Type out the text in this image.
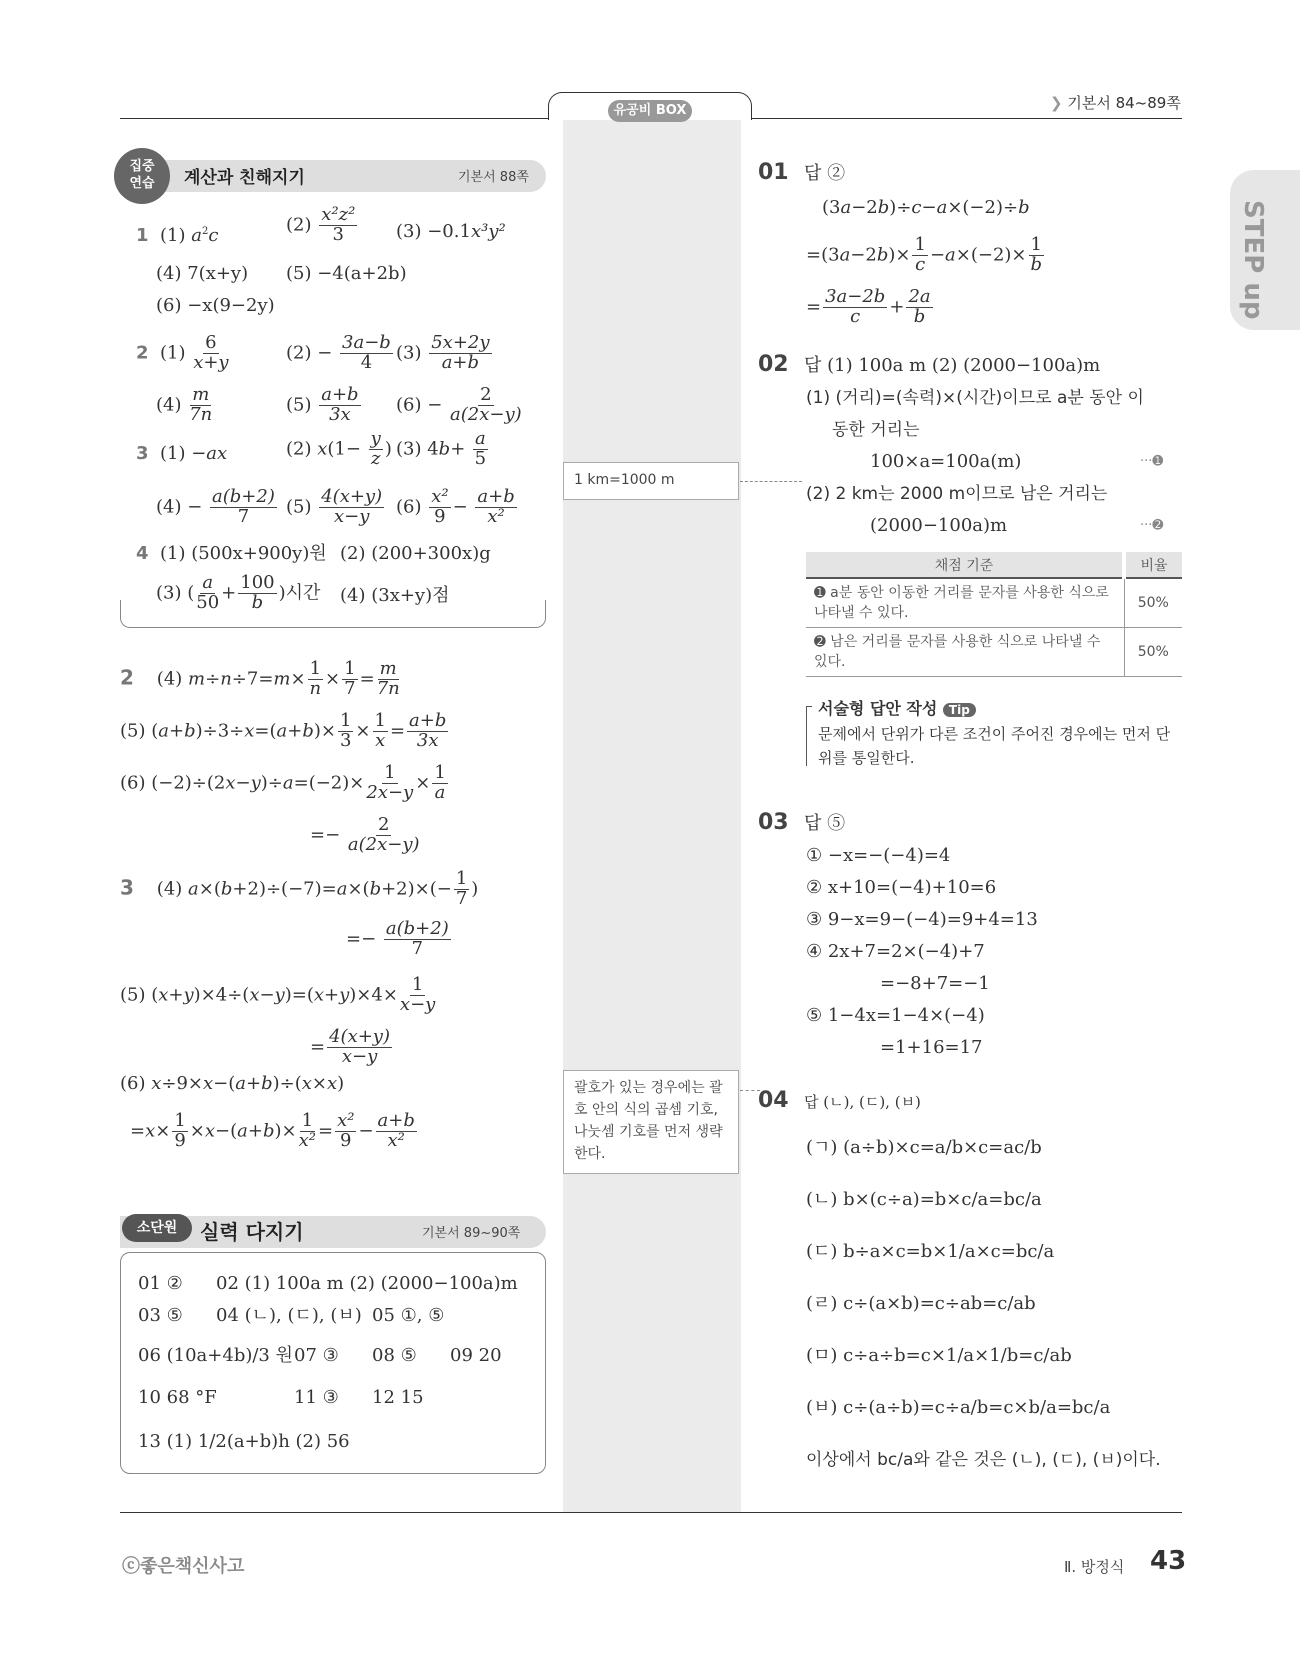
유공비 BOX	❯ 기본서 84~89쪽
STEP up
집중연습 계산과 친해지기	기본서 88쪽
1  (1) $a^2c$
$(2) \frac{\text{x²z²}}{3} (3) -0.1x^3y^2$
(4) 7(x+y) (5) −4(a+2b)
(6) −x(9−2y)
2  $(1) \frac{6}{x+y}$	$(2) - \frac{3a-b}{4} (3) \frac{5x+2y}{a+b}$
$(4) \frac{m}{7n}$	$(5) \frac{a+b}{3x} (6) - \frac{2}{a(2x-y)}$
3  (1) −ax	(2) $x(1- \frac{y}{z}$ ) (3) $4b+ \frac{a}{5}$
$(4) - \frac{a(b+2)}{7} (5) \frac{4(x+y)}{x-y} (6) \frac{\text{x²}}{9} - \frac{a+b}{\text{x²}}$
4 (1) (500x+900y)원 (2) (200+300x)g
(3) ( $\frac{a}{50} + \frac{100}{b}$ )시간 (4) (3x+y)점
2    (4) $m\div n\div 7=m\times \frac{1}{n} \times \frac{1}{7} = \frac{m}{7n}$
(5) $(a+b)\div 3\div x=(a+b)\times \frac{1}{3} \times \frac{1}{x} = \frac{a+b}{3x}$
(6) $(-2)\div(2x-y)\div a=(-2)\times \frac{1}{2x-y} \times \frac{1}{a}$
=− $\frac{2}{a(2x-y)}$
3    (4) $a\times(b+2)\div(-7)=a\times(b+2)\times(- \frac{1}{7}$ )
=− $\frac{a(b+2)}{7}$
(5) $(x+y)\times 4\div(x-y)=(x+y)\times 4\times \frac{1}{x-y}$
= $\frac{4(x+y)}{x-y}$
(6) x÷9×x−(a+b)÷(x×x)
$=x\times \frac{1}{9} \times x-(a+b)\times \frac{1}{\text{x²}} = \frac{\text{x²}}{9} - \frac{a+b}{\text{x²}}$
소단원	실력 다지기	기본서 89~90쪽
01 ② 02 (1) 100a m (2) (2000−100a)m
03 ⑤ 04 (ㄴ), (ㄷ), (ㅂ) 05 ①, ⑤
06 (10a+4b)/3 원 07 ③ 08 ⑤ 09 20
10 68 °F	11 ③ 12 15
13 (1) 1/2(a+b)h (2) 56
1 km=1000 m
괄호가 있는 경우에는 괄호 안의 식의 곱셈 기호, 나눗셈 기호를 먼저 생략한다.
01 답 ②
(3a−2b)÷c−a×(−2)÷b
$=(3a-2b)\times \frac{1}{c} -a\times(-2)\times \frac{1}{b}$
= $\frac{3a-2b}{c} + \frac{2a}{b}$
02 답 (1) 100a m (2) (2000−100a)m
(1) (거리)=(속력)×(시간)이므로 a분 동안 이
동한 거리는
100×a=100a(m)	···➊
(2) 2 km는 2000 m이므로 남은 거리는
(2000−100a)m	···➋
채점 기준	비율
➊ a분 동안 이동한 거리를 문자를 사용한 식으로 나타낼 수 있다.	50%
➋ 남은 거리를 문자를 사용한 식으로 나타낼 수 있다.	50%
서술형 답안 작성 Tip
문제에서 단위가 다른 조건이 주어진 경우에는 먼저 단위를 통일한다.
03 답 ⑤
① −x=−(−4)=4
② x+10=(−4)+10=6
③ 9−x=9−(−4)=9+4=13
④ 2x+7=2×(−4)+7
=−8+7=−1
⑤ 1−4x=1−4×(−4)
=1+16=17
04 답 (ㄴ), (ㄷ), (ㅂ)
(ㄱ) (a÷b)×c=a/b×c=ac/b
(ㄴ) b×(c÷a)=b×c/a=bc/a
(ㄷ) b÷a×c=b×1/a×c=bc/a
(ㄹ) c÷(a×b)=c÷ab=c/ab
(ㅁ) c÷a÷b=c×1/a×1/b=c/ab
(ㅂ) c÷(a÷b)=c÷a/b=c×b/a=bc/a
이상에서 bc/a와 같은 것은 (ㄴ), (ㄷ), (ㅂ)이다.
ⓒ좋은책신사고	Ⅱ. 방정식 43
